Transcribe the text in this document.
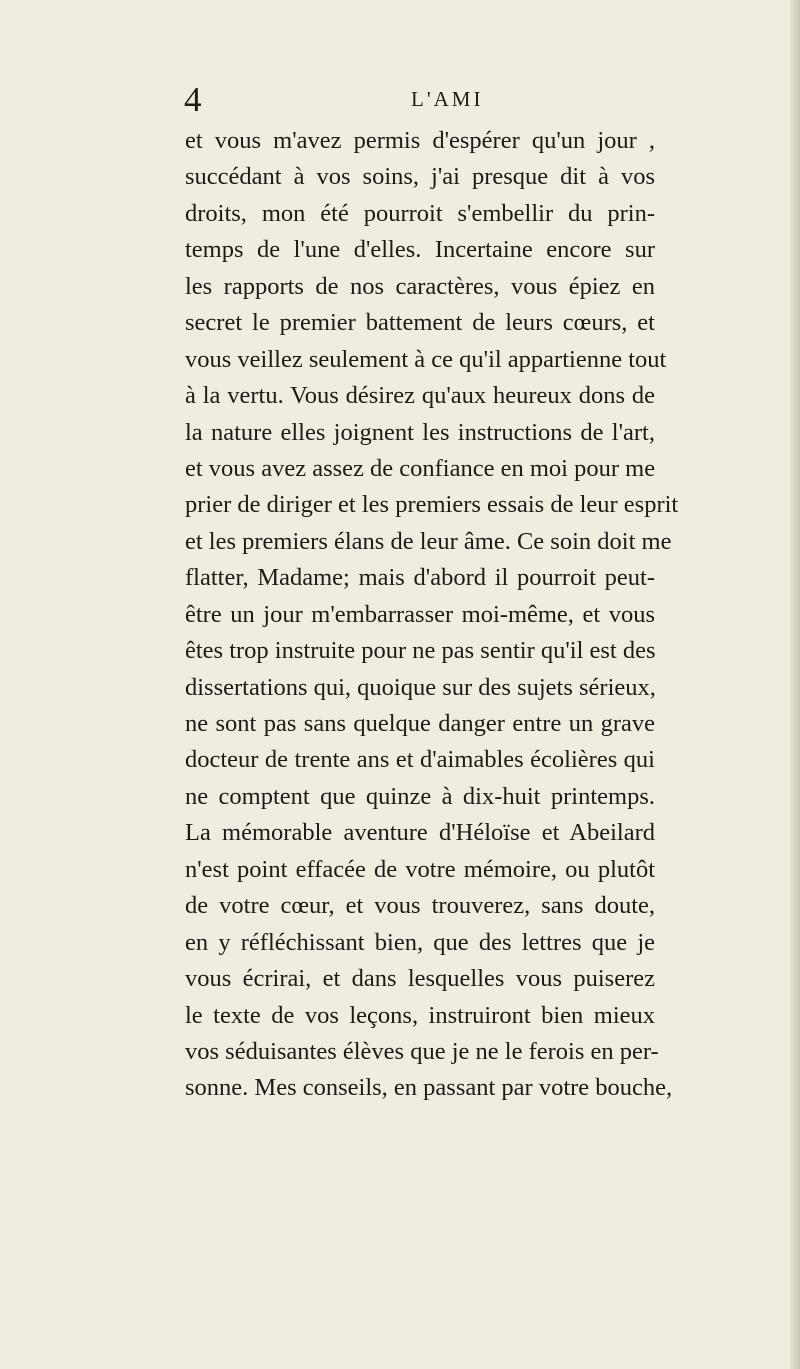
4	L'AMI
et vous m'avez permis d'espérer qu'un jour ,
succédant à vos soins, j'ai presque dit à vos
droits, mon été pourroit s'embellir du prin-
temps de l'une d'elles. Incertaine encore sur
les rapports de nos caractères, vous épiez en
secret le premier battement de leurs cœurs, et
vous veillez seulement à ce qu'il appartienne tout
à la vertu. Vous désirez qu'aux heureux dons de
la nature elles joignent les instructions de l'art,
et vous avez assez de confiance en moi pour me
prier de diriger et les premiers essais de leur esprit
et les premiers élans de leur âme. Ce soin doit me
flatter, Madame; mais d'abord il pourroit peut-
être un jour m'embarrasser moi-même, et vous
êtes trop instruite pour ne pas sentir qu'il est des
dissertations qui, quoique sur des sujets sérieux,
ne sont pas sans quelque danger entre un grave
docteur de trente ans et d'aimables écolières qui
ne comptent que quinze à dix-huit printemps.
La mémorable aventure d'Héloïse et Abeilard
n'est point effacée de votre mémoire, ou plutôt
de votre cœur, et vous trouverez, sans doute,
en y réfléchissant bien, que des lettres que je
vous écrirai, et dans lesquelles vous puiserez
le texte de vos leçons, instruiront bien mieux
vos séduisantes élèves que je ne le ferois en per-
sonne. Mes conseils, en passant par votre bouche,
